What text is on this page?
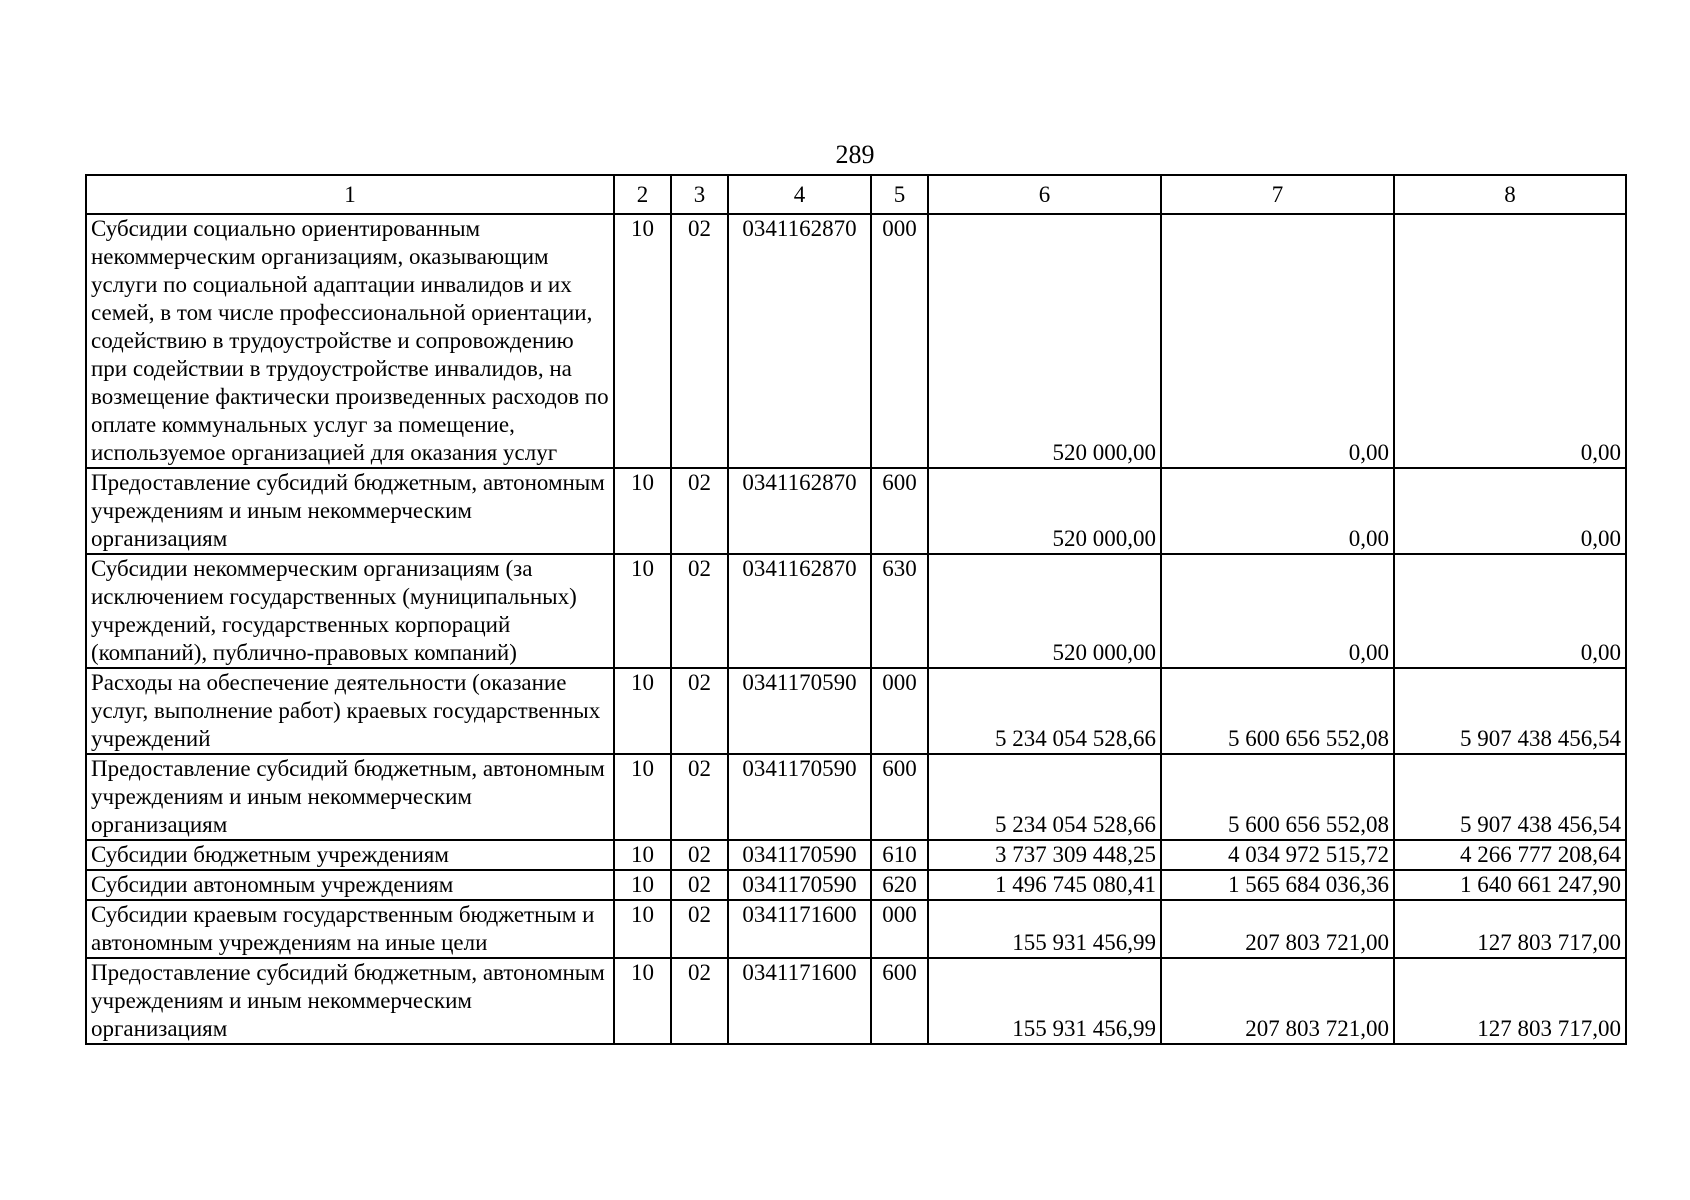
289
1	2	3	4	5	6	7	8
Субсидии социально ориентированным некоммерческим организациям, оказывающим услуги по социальной адаптации инвалидов и их семей, в том числе профессиональной ориентации, содействию в трудоустройстве и сопровождению при содействии в трудоустройстве инвалидов, на возмещение фактически произведенных расходов по оплате коммунальных услуг за помещение, используемое организацией для оказания услуг	10	02	0341162870	000	520 000,00	0,00	0,00
Предоставление субсидий бюджетным, автономным учреждениям и иным некоммерческим организациям	10	02	0341162870	600	520 000,00	0,00	0,00
Субсидии некоммерческим организациям (за исключением государственных (муниципальных) учреждений, государственных корпораций (компаний), публично-правовых компаний)	10	02	0341162870	630	520 000,00	0,00	0,00
Расходы на обеспечение деятельности (оказание услуг, выполнение работ) краевых государственных учреждений	10	02	0341170590	000	5 234 054 528,66	5 600 656 552,08	5 907 438 456,54
Предоставление субсидий бюджетным, автономным учреждениям и иным некоммерческим организациям	10	02	0341170590	600	5 234 054 528,66	5 600 656 552,08	5 907 438 456,54
Субсидии бюджетным учреждениям	10	02	0341170590	610	3 737 309 448,25	4 034 972 515,72	4 266 777 208,64
Субсидии автономным учреждениям	10	02	0341170590	620	1 496 745 080,41	1 565 684 036,36	1 640 661 247,90
Субсидии краевым государственным бюджетным и автономным учреждениям на иные цели	10	02	0341171600	000	155 931 456,99	207 803 721,00	127 803 717,00
Предоставление субсидий бюджетным, автономным учреждениям и иным некоммерческим организациям	10	02	0341171600	600	155 931 456,99	207 803 721,00	127 803 717,00
